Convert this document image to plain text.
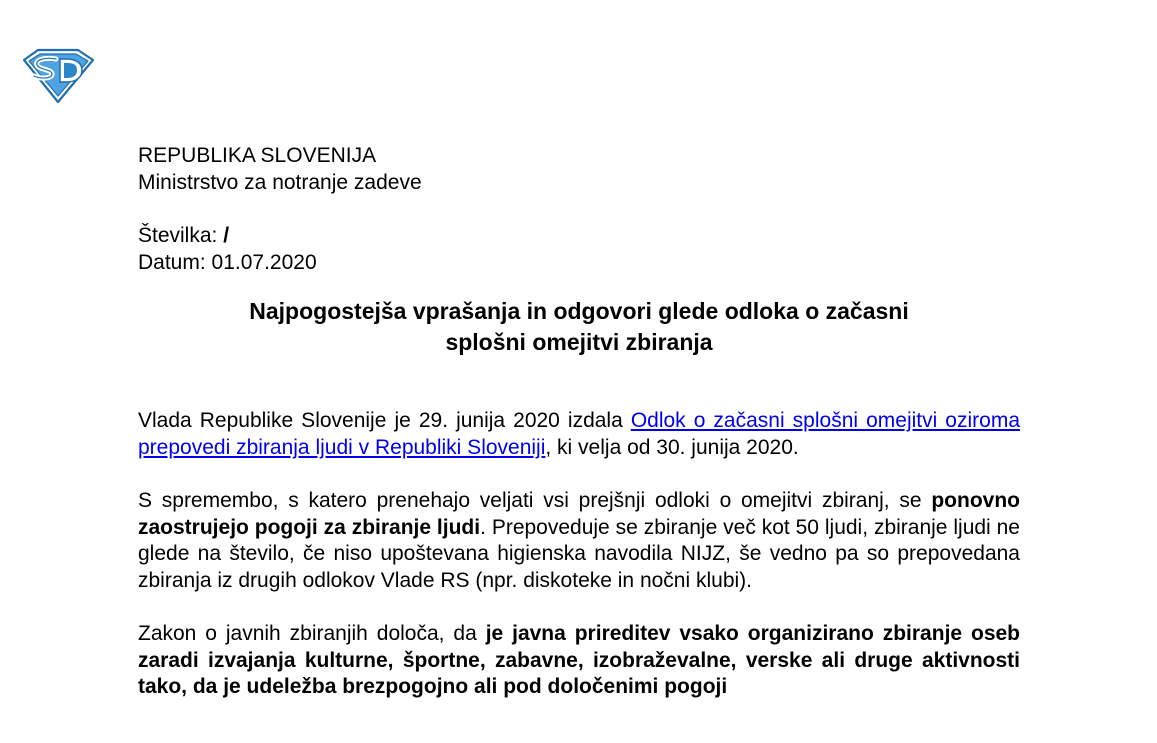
REPUBLIKA SLOVENIJA
Ministrstvo za notranje zadeve
Številka: /
Datum: 01.07.2020
Najpogostejša vprašanja in odgovori glede odloka o začasni
splošni omejitvi zbiranja
Vlada Republike Slovenije je 29. junija 2020 izdala Odlok o začasni splošni omejitvi oziroma prepovedi zbiranja ljudi v Republiki Sloveniji, ki velja od 30. junija 2020.
S spremembo, s katero prenehajo veljati vsi prejšnji odloki o omejitvi zbiranj, se ponovno zaostrujejo pogoji za zbiranje ljudi. Prepoveduje se zbiranje več kot 50 ljudi, zbiranje ljudi ne glede na število, če niso upoštevana higienska navodila NIJZ, še vedno pa so prepovedana zbiranja iz drugih odlokov Vlade RS (npr. diskoteke in nočni klubi).
Zakon o javnih zbiranjih določa, da je javna prireditev vsako organizirano zbiranje oseb zaradi izvajanja kulturne, športne, zabavne, izobraževalne, verske ali druge aktivnosti tako, da je udeležba brezpogojno ali pod določenimi pogoji
